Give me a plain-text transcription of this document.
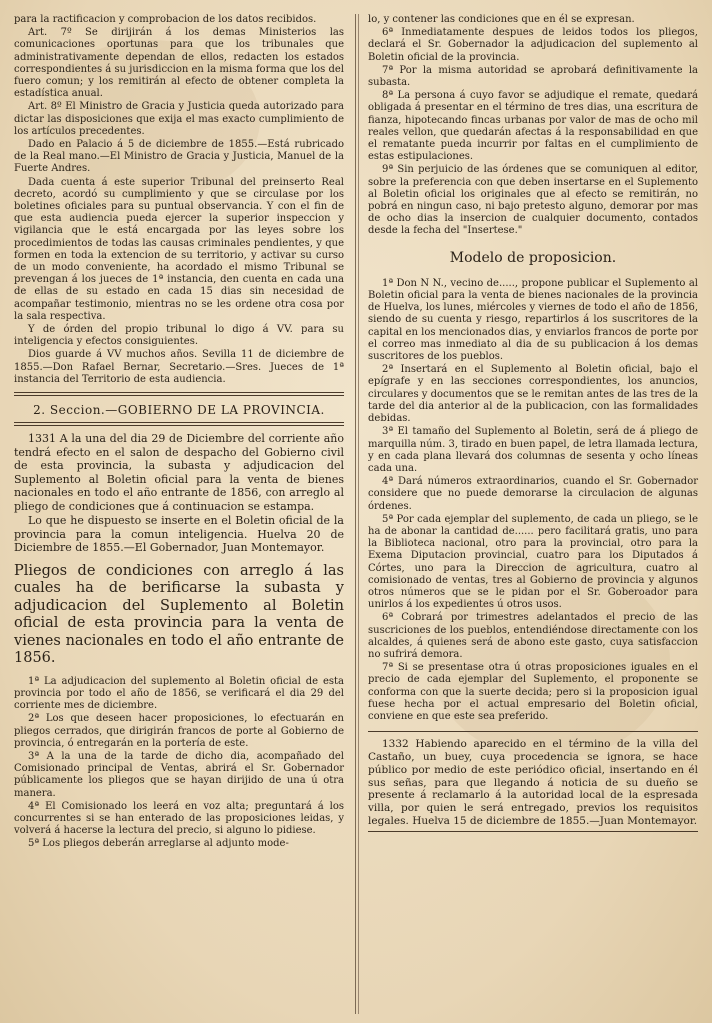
para la ractificacion y comprobacion de los datos recibidos.

Art. 7º Se dirijirán á los demas Ministerios las comunicaciones oportunas para que los tribunales que administrativamente dependan de ellos, redacten los estados correspondientes á su jurisdiccion en la misma forma que los del fuero comun; y los remitirán al efecto de obtener completa la estadística anual.

Art. 8º El Ministro de Gracia y Justicia queda autorizado para dictar las disposiciones que exija el mas exacto cumplimiento de los artículos precedentes.

Dado en Palacio á 5 de diciembre de 1855.—Está rubricado de la Real mano.—El Ministro de Gracia y Justicia, Manuel de la Fuerte Andres.

Dada cuenta á este superior Tribunal del preinserto Real decreto, acordó su cumplimiento y que se circulase por los boletines oficiales para su puntual observancia. Y con el fin de que esta audiencia pueda ejercer la superior inspeccion y vigilancia que le está encargada por las leyes sobre los procedimientos de todas las causas criminales pendientes, y que formen en toda la extencion de su territorio, y activar su curso de un modo conveniente, ha acordado el mismo Tribunal se prevengan á los jueces de 1ª instancia, den cuenta en cada una de ellas de su estado en cada 15 dias sin necesidad de acompañar testimonio, mientras no se les ordene otra cosa por la sala respectiva.

Y de órden del propio tribunal lo digo á VV. para su inteligencia y efectos consiguientes.

Dios guarde á VV muchos años. Sevilla 11 de diciembre de 1855.—Don Rafael Bernar, Secretario.—Sres. Jueces de 1ª instancia del Territorio de esta audiencia.

2. Seccion.—GOBIERNO DE LA PROVINCIA.

1331 A la una del dia 29 de Diciembre del corriente año tendrá efecto en el salon de despacho del Gobierno civil de esta provincia, la subasta y adjudicacion del Suplemento al Boletin oficial para la venta de bienes nacionales en todo el año entrante de 1856, con arreglo al pliego de condiciones que á continuacion se estampa.

Lo que he dispuesto se inserte en el Boletin oficial de la provincia para la comun inteligencia. Huelva 20 de Diciembre de 1855.—El Gobernador, Juan Montemayor.

Pliegos de condiciones con arreglo á las cuales ha de berificarse la subasta y adjudicacion del Suplemento al Boletin oficial de esta provincia para la venta de vienes nacionales en todo el año entrante de 1856.

1ª La adjudicacion del suplemento al Boletin oficial de esta provincia por todo el año de 1856, se verificará el dia 29 del corriente mes de diciembre.

2ª Los que deseen hacer proposiciones, lo efectuarán en pliegos cerrados, que dirigirán francos de porte al Gobierno de provincia, ó entregarán en la portería de este.

3ª A la una de la tarde de dicho dia, acompañado del Comisionado principal de Ventas, abrirá el Sr. Gobernador públicamente los pliegos que se hayan dirijido de una ú otra manera.

4ª El Comisionado los leerá en voz alta; preguntará á los concurrentes si se han enterado de las proposiciones leidas, y volverá á hacerse la lectura del precio, si alguno lo pidiese.

5ª Los pliegos deberán arreglarse al adjunto mode-

lo, y contener las condiciones que en él se expresan.

6ª Inmediatamente despues de leidos todos los pliegos, declará el Sr. Gobernador la adjudicacion del suplemento al Boletin oficial de la provincia.

7ª Por la misma autoridad se aprobará definitivamente la subasta.

8ª La persona á cuyo favor se adjudique el remate, quedará obligada á presentar en el término de tres dias, una escritura de fianza, hipotecando fincas urbanas por valor de mas de ocho mil reales vellon, que quedarán afectas á la responsabilidad en que el rematante pueda incurrir por faltas en el cumplimiento de estas estipulaciones.

9ª Sin perjuicio de las órdenes que se comuniquen al editor, sobre la preferencia con que deben insertarse en el Suplemento al Boletin oficial los originales que al efecto se remitirán, no pobrá en ningun caso, ni bajo pretesto alguno, demorar por mas de ocho dias la insercion de cualquier documento, contados desde la fecha del "Insertese."

Modelo de proposicion.

1ª Don N N., vecino de....., propone publicar el Suplemento al Boletin oficial para la venta de bienes nacionales de la provincia de Huelva, los lunes, miércoles y viernes de todo el año de 1856, siendo de su cuenta y riesgo, repartirlos á los suscritores de la capital en los mencionados dias, y enviarlos francos de porte por el correo mas inmediato al dia de su publicacion á los demas suscritores de los pueblos.

2ª Insertará en el Suplemento al Boletin oficial, bajo el epígrafe y en las secciones correspondientes, los anuncios, circulares y documentos que se le remitan antes de las tres de la tarde del dia anterior al de la publicacion, con las formalidades debidas.

3ª El tamaño del Suplemento al Boletin, será de á pliego de marquilla núm. 3, tirado en buen papel, de letra llamada lectura, y en cada plana llevará dos columnas de sesenta y ocho líneas cada una.

4ª Dará números extraordinarios, cuando el Sr. Gobernador considere que no puede demorarse la circulacion de algunas órdenes.

5ª Por cada ejemplar del suplemento, de cada un pliego, se le ha de abonar la cantidad de...... pero facilitará gratis, uno para la Biblioteca nacional, otro para la provincial, otro para la Exema Diputacion provincial, cuatro para los Diputados á Córtes, uno para la Direccion de agricultura, cuatro al comisionado de ventas, tres al Gobierno de provincia y algunos otros números que se le pidan por el Sr. Goberoador para unirlos á los expedientes ú otros usos.

6ª Cobrará por trimestres adelantados el precio de las suscriciones de los pueblos, entendiéndose directamente con los alcaldes, á quienes será de abono este gasto, cuya satisfaccion no sufrirá demora.

7ª Si se presentase otra ú otras proposiciones iguales en el precio de cada ejemplar del Suplemento, el proponente se conforma con que la suerte decida; pero si la proposicion igual fuese hecha por el actual empresario del Boletin oficial, conviene en que este sea preferido.

1332 Habiendo aparecido en el término de la villa del Castaño, un buey, cuya procedencia se ignora, se hace público por medio de este periódico oficial, insertando en él sus señas, para que llegando á noticia de su dueño se presente á reclamarlo á la autoridad local de la espresada villa, por quien le será entregado, previos los requisitos legales. Huelva 15 de diciembre de 1855.—Juan Montemayor.
